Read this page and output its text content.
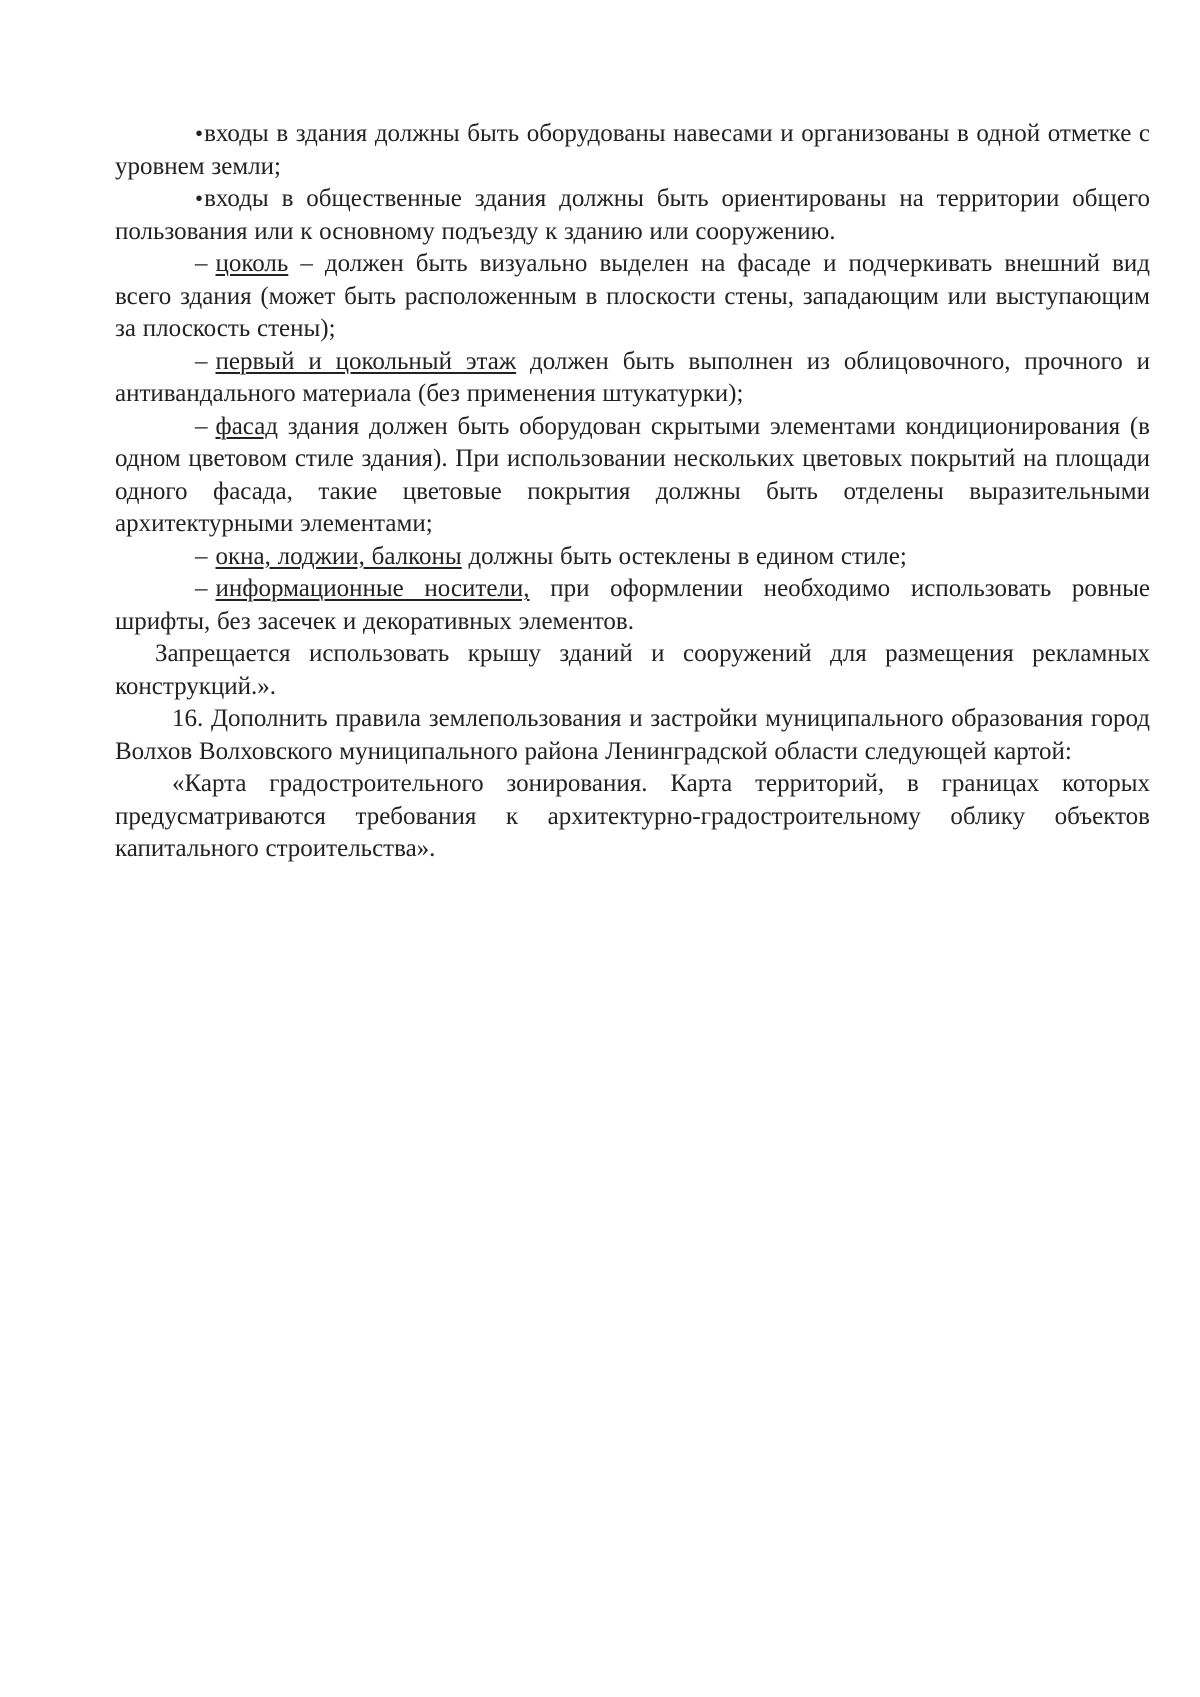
•входы в здания должны быть оборудованы навесами и организованы в одной отметке с уровнем земли;

•входы в общественные здания должны быть ориентированы на территории общего пользования или к основному подъезду к зданию или сооружению.

– цоколь – должен быть визуально выделен на фасаде и подчеркивать внешний вид всего здания (может быть расположенным в плоскости стены, западающим или выступающим за плоскость стены);

– первый и цокольный этаж должен быть выполнен из облицовочного, прочного и антивандального материала (без применения штукатурки);

– фасад здания должен быть оборудован скрытыми элементами кондиционирования (в одном цветовом стиле здания). При использовании нескольких цветовых покрытий на площади одного фасада, такие цветовые покрытия должны быть отделены выразительными архитектурными элементами;

– окна, лоджии, балконы должны быть остеклены в едином стиле;

– информационные носители, при оформлении необходимо использовать ровные шрифты, без засечек и декоративных элементов.

Запрещается использовать крышу зданий и сооружений для размещения рекламных конструкций.».

16. Дополнить правила землепользования и застройки муниципального образования город Волхов Волховского муниципального района Ленинградской области следующей картой:

«Карта градостроительного зонирования. Карта территорий, в границах которых предусматриваются требования к архитектурно-градостроительному облику объектов капитального строительства».
